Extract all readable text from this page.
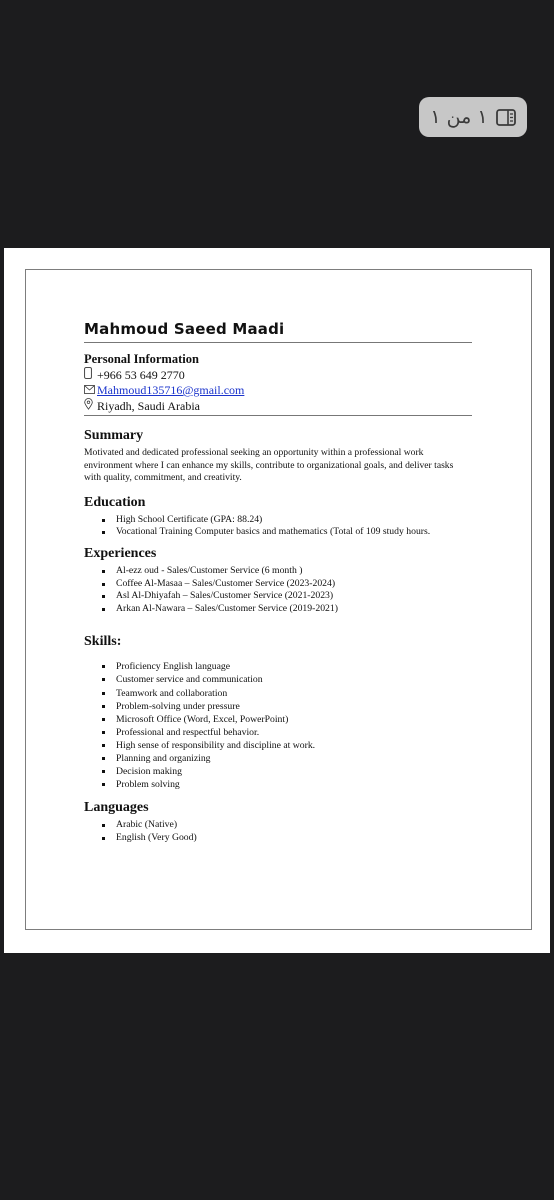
١ من ١
Mahmoud Saeed Maadi
Personal Information
+966 53 649 2770
Mahmoud135716@gmail.com
Riyadh, Saudi Arabia
Summary
Motivated and dedicated professional seeking an opportunity within a professional work environment where I can enhance my skills, contribute to organizational goals, and deliver tasks with quality, commitment, and creativity.
Education
High School Certificate (GPA: 88.24)
Vocational Training Computer basics and mathematics (Total of 109 study hours.
Experiences
Al-ezz oud - Sales/Customer Service (6 month )
Coffee Al-Masaa – Sales/Customer Service (2023-2024)
Asl Al-Dhiyafah – Sales/Customer Service (2021-2023)
Arkan Al-Nawara – Sales/Customer Service (2019-2021)
Skills:
Proficiency English language
Customer service and communication
Teamwork and collaboration
Problem-solving under pressure
Microsoft Office (Word, Excel, PowerPoint)
Professional and respectful behavior.
High sense of responsibility and discipline at work.
Planning and organizing
Decision making
Problem solving
Languages
Arabic (Native)
English (Very Good)
